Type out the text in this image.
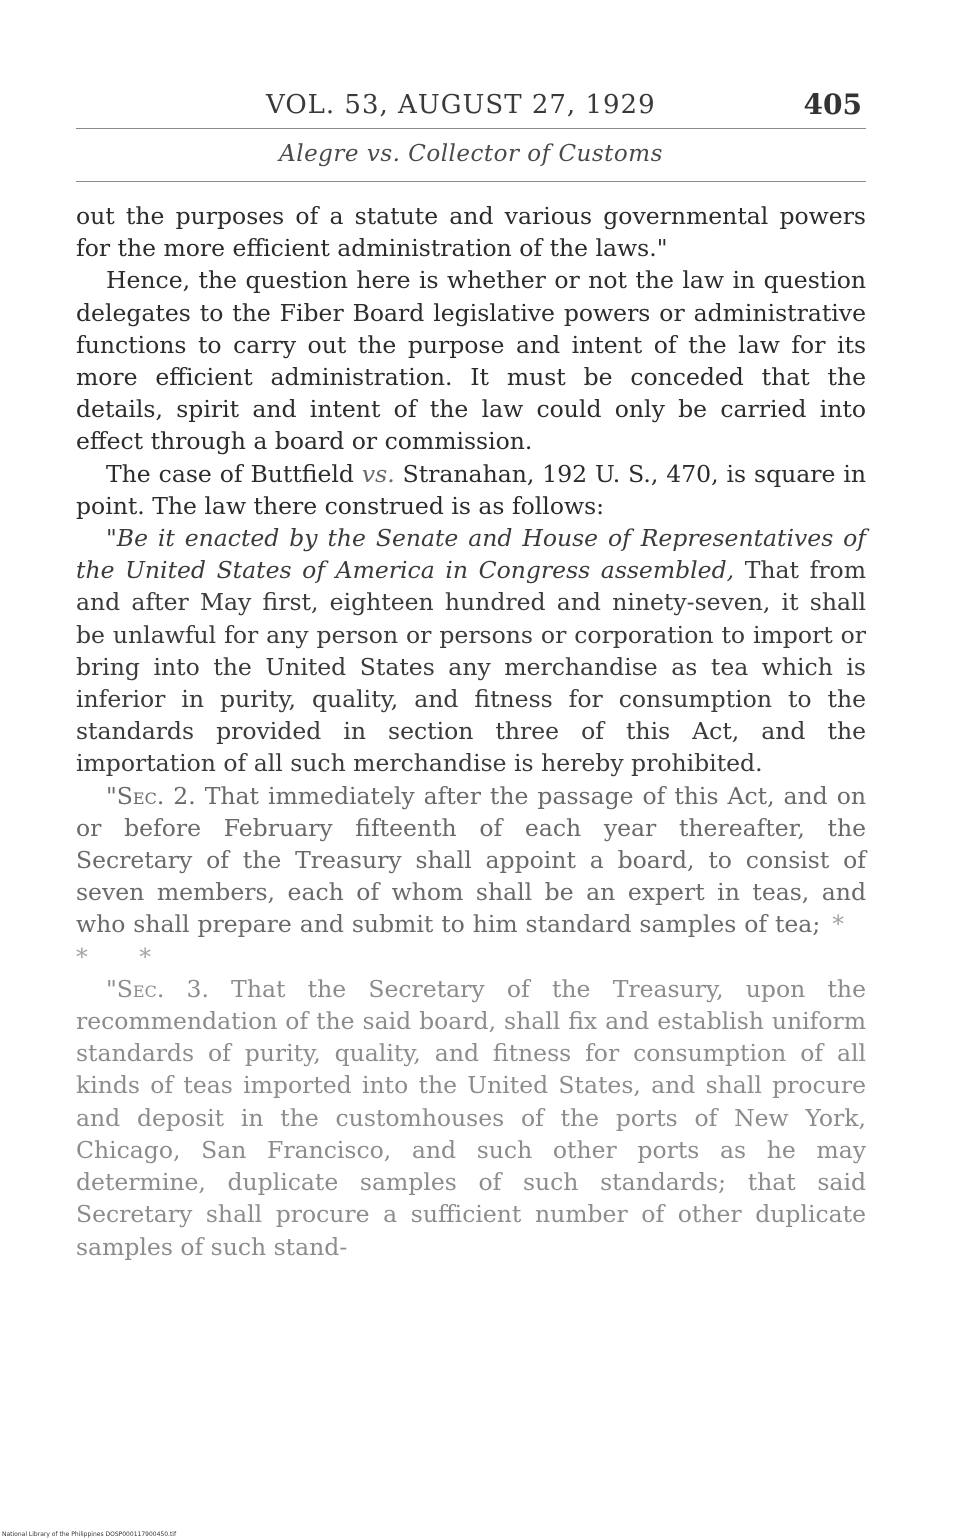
VOL. 53, AUGUST 27, 1929	405
Alegre vs. Collector of Customs

out the purposes of a statute and various governmental powers for the more efficient administration of the laws."

Hence, the question here is whether or not the law in question delegates to the Fiber Board legislative powers or administrative functions to carry out the purpose and intent of the law for its more efficient administration. It must be conceded that the details, spirit and intent of the law could only be carried into effect through a board or commission.

The case of Buttfield vs. Stranahan, 192 U. S., 470, is square in point. The law there construed is as follows:

"Be it enacted by the Senate and House of Representatives of the United States of America in Congress assembled, That from and after May first, eighteen hundred and ninety-seven, it shall be unlawful for any person or persons or corporation to import or bring into the United States any merchandise as tea which is inferior in purity, quality, and fitness for consumption to the standards provided in section three of this Act, and the importation of all such merchandise is hereby prohibited.

"Sec. 2. That immediately after the passage of this Act, and on or before February fifteenth of each year thereafter, the Secretary of the Treasury shall appoint a board, to consist of seven members, each of whom shall be an expert in teas, and who shall prepare and submit to him standard samples of tea; * * *

"Sec. 3. That the Secretary of the Treasury, upon the recommendation of the said board, shall fix and establish uniform standards of purity, quality, and fitness for consumption of all kinds of teas imported into the United States, and shall procure and deposit in the customhouses of the ports of New York, Chicago, San Francisco, and such other ports as he may determine, duplicate samples of such standards; that said Secretary shall procure a sufficient number of other duplicate samples of such stand-

National Library of the Philippines DOSP000117900450.tif
